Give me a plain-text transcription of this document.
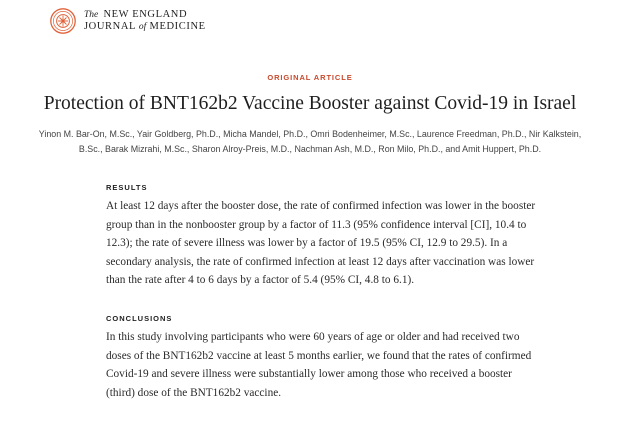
The NEW ENGLAND
JOURNAL of MEDICINE
ORIGINAL ARTICLE
Protection of BNT162b2 Vaccine Booster against Covid-19 in Israel
Yinon M. Bar-On, M.Sc., Yair Goldberg, Ph.D., Micha Mandel, Ph.D., Omri Bodenheimer, M.Sc., Laurence Freedman, Ph.D., Nir Kalkstein, B.Sc., Barak Mizrahi, M.Sc., Sharon Alroy-Preis, M.D., Nachman Ash, M.D., Ron Milo, Ph.D., and Amit Huppert, Ph.D.
RESULTS

At least 12 days after the booster dose, the rate of confirmed infection was lower in the booster group than in the nonbooster group by a factor of 11.3 (95% confidence interval [CI], 10.4 to 12.3); the rate of severe illness was lower by a factor of 19.5 (95% CI, 12.9 to 29.5). In a secondary analysis, the rate of confirmed infection at least 12 days after vaccination was lower than the rate after 4 to 6 days by a factor of 5.4 (95% CI, 4.8 to 6.1).

CONCLUSIONS

In this study involving participants who were 60 years of age or older and had received two doses of the BNT162b2 vaccine at least 5 months earlier, we found that the rates of confirmed Covid-19 and severe illness were substantially lower among those who received a booster (third) dose of the BNT162b2 vaccine.
